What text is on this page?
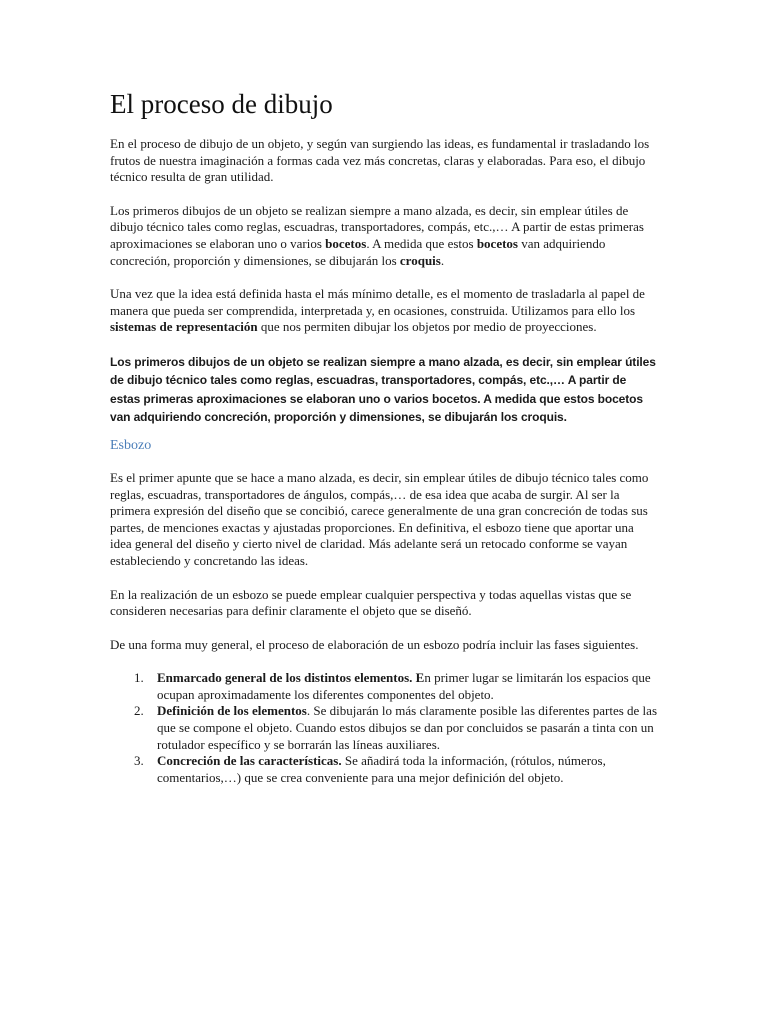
El proceso de dibujo

En el proceso de dibujo de un objeto, y según van surgiendo las ideas, es fundamental ir trasladando los frutos de nuestra imaginación a formas cada vez más concretas, claras y elaboradas. Para eso, el dibujo técnico resulta de gran utilidad.

Los primeros dibujos de un objeto se realizan siempre a mano alzada, es decir, sin emplear útiles de dibujo técnico tales como reglas, escuadras, transportadores, compás, etc.,… A partir de estas primeras aproximaciones se elaboran uno o varios bocetos. A medida que estos bocetos van adquiriendo concreción, proporción y dimensiones, se dibujarán los croquis.

Una vez que la idea está definida hasta el más mínimo detalle, es el momento de trasladarla al papel de manera que pueda ser comprendida, interpretada y, en ocasiones, construida. Utilizamos para ello los sistemas de representación que nos permiten dibujar los objetos por medio de proyecciones.

Los primeros dibujos de un objeto se realizan siempre a mano alzada, es decir, sin emplear útiles de dibujo técnico tales como reglas, escuadras, transportadores, compás, etc.,… A partir de estas primeras aproximaciones se elaboran uno o varios bocetos. A medida que estos bocetos van adquiriendo concreción, proporción y dimensiones, se dibujarán los croquis.

Esbozo

Es el primer apunte que se hace a mano alzada, es decir, sin emplear útiles de dibujo técnico tales como reglas, escuadras, transportadores de ángulos, compás,… de esa idea que acaba de surgir. Al ser la primera expresión del diseño que se concibió, carece generalmente de una gran concreción de todas sus partes, de menciones exactas y ajustadas proporciones. En definitiva, el esbozo tiene que aportar una idea general del diseño y cierto nivel de claridad. Más adelante será un retocado conforme se vayan estableciendo y concretando las ideas.

En la realización de un esbozo se puede emplear cualquier perspectiva y todas aquellas vistas que se consideren necesarias para definir claramente el objeto que se diseñó.

De una forma muy general, el proceso de elaboración de un esbozo podría incluir las fases siguientes.

1. Enmarcado general de los distintos elementos. En primer lugar se limitarán los espacios que ocupan aproximadamente los diferentes componentes del objeto.
2. Definición de los elementos. Se dibujarán lo más claramente posible las diferentes partes de las que se compone el objeto. Cuando estos dibujos se dan por concluidos se pasarán a tinta con un rotulador específico y se borrarán las líneas auxiliares.
3. Concreción de las características. Se añadirá toda la información, (rótulos, números, comentarios,…) que se crea conveniente para una mejor definición del objeto.
